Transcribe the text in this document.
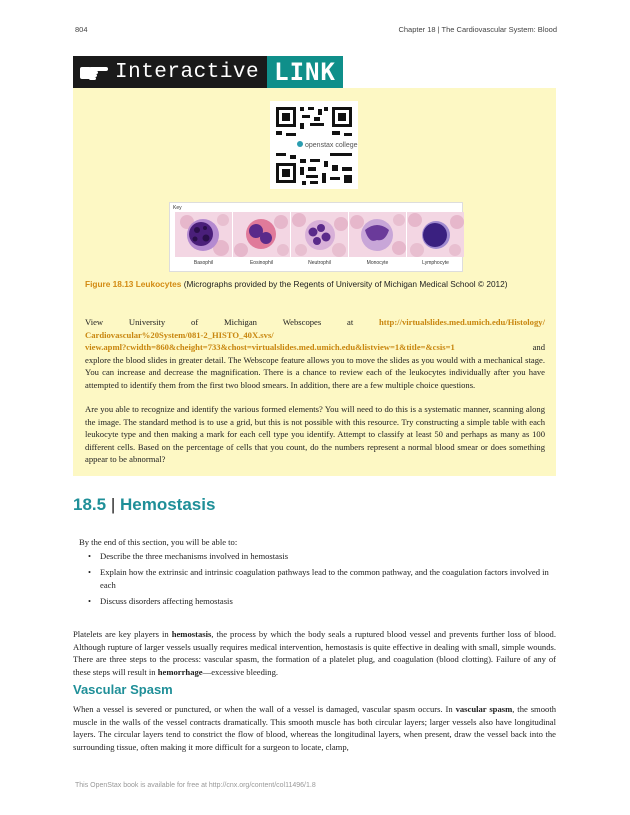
804	Chapter 18 | The Cardiovascular System: Blood
Interactive LINK
openstax college
Key
Basophil	Eosinophil	Neutrophil	Monocyte	Lymphocyte
Figure 18.13 Leukocytes (Micrographs provided by the Regents of University of Michigan Medical School © 2012)
View	University	of	Michigan	Webscopes	at	http://virtualslides.med.umich.edu/Histology/
Cardiovascular%20System/081-2_HISTO_40X.svs/
view.apml?cwidth=860&cheight=733&chost=virtualslides.med.umich.edu&listview=1&title=&csis=1	and
explore the blood slides in greater detail. The Webscope feature allows you to move the slides as you would with a mechanical stage. You can increase and decrease the magnification. There is a chance to review each of the leukocytes individually after you have attempted to identify them from the first two blood smears. In addition, there are a few multiple choice questions.
Are you able to recognize and identify the various formed elements? You will need to do this is a systematic manner, scanning along the image. The standard method is to use a grid, but this is not possible with this resource. Try constructing a simple table with each leukocyte type and then making a mark for each cell type you identify. Attempt to classify at least 50 and perhaps as many as 100 different cells. Based on the percentage of cells that you count, do the numbers represent a normal blood smear or does something appear to be abnormal?
18.5 | Hemostasis
By the end of this section, you will be able to:
• Describe the three mechanisms involved in hemostasis
• Explain how the extrinsic and intrinsic coagulation pathways lead to the common pathway, and the coagulation factors involved in each
• Discuss disorders affecting hemostasis
Platelets are key players in hemostasis, the process by which the body seals a ruptured blood vessel and prevents further loss of blood. Although rupture of larger vessels usually requires medical intervention, hemostasis is quite effective in dealing with small, simple wounds. There are three steps to the process: vascular spasm, the formation of a platelet plug, and coagulation (blood clotting). Failure of any of these steps will result in hemorrhage—excessive bleeding.
Vascular Spasm
When a vessel is severed or punctured, or when the wall of a vessel is damaged, vascular spasm occurs. In vascular spasm, the smooth muscle in the walls of the vessel contracts dramatically. This smooth muscle has both circular layers; larger vessels also have longitudinal layers. The circular layers tend to constrict the flow of blood, whereas the longitudinal layers, when present, draw the vessel back into the surrounding tissue, often making it more difficult for a surgeon to locate, clamp,
This OpenStax book is available for free at http://cnx.org/content/col11496/1.8
